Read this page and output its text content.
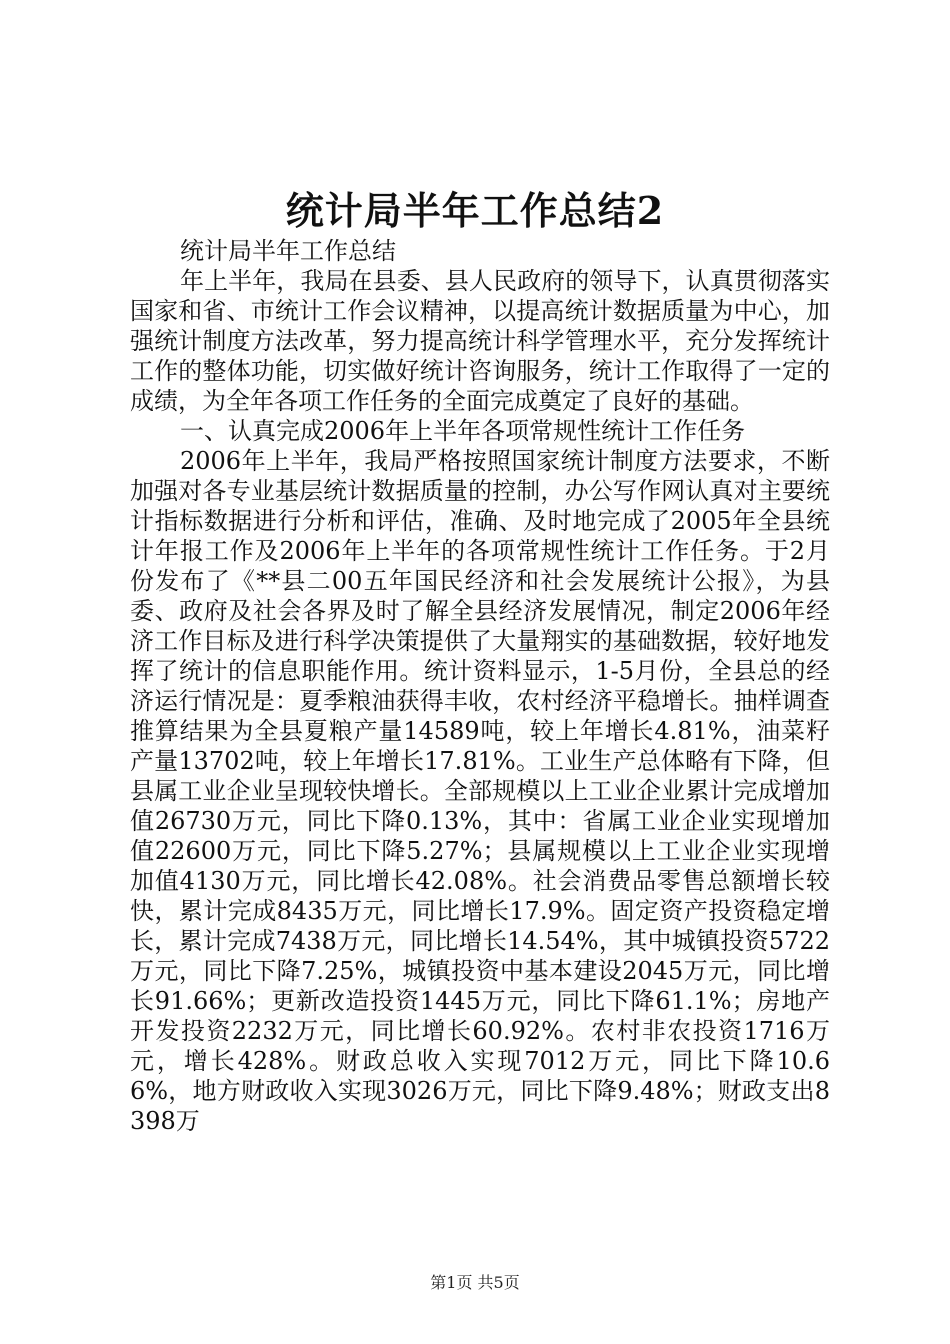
统计局半年工作总结2

统计局半年工作总结

年上半年，我局在县委、县人民政府的领导下，认真贯彻落实国家和省、市统计工作会议精神，以提高统计数据质量为中心，加强统计制度方法改革，努力提高统计科学管理水平，充分发挥统计工作的整体功能，切实做好统计咨询服务，统计工作取得了一定的成绩，为全年各项工作任务的全面完成奠定了良好的基础。

一、认真完成2006年上半年各项常规性统计工作任务

2006年上半年，我局严格按照国家统计制度方法要求，不断加强对各专业基层统计数据质量的控制，办公写作网认真对主要统计指标数据进行分析和评估，准确、及时地完成了2005年全县统计年报工作及2006年上半年的各项常规性统计工作任务。于2月份发布了《**县二00五年国民经济和社会发展统计公报》，为县委、政府及社会各界及时了解全县经济发展情况，制定2006年经济工作目标及进行科学决策提供了大量翔实的基础数据，较好地发挥了统计的信息职能作用。统计资料显示，1-5月份，全县总的经济运行情况是：夏季粮油获得丰收，农村经济平稳增长。抽样调查推算结果为全县夏粮产量14589吨，较上年增长4.81%，油菜籽产量13702吨，较上年增长17.81%。工业生产总体略有下降，但县属工业企业呈现较快增长。全部规模以上工业企业累计完成增加值26730万元，同比下降0.13%，其中：省属工业企业实现增加值22600万元，同比下降5.27%；县属规模以上工业企业实现增加值4130万元，同比增长42.08%。社会消费品零售总额增长较快，累计完成8435万元，同比增长17.9%。固定资产投资稳定增长，累计完成7438万元，同比增长14.54%，其中城镇投资5722万元，同比下降7.25%，城镇投资中基本建设2045万元，同比增长91.66%；更新改造投资1445万元，同比下降61.1%；房地产开发投资2232万元，同比增长60.92%。农村非农投资1716万元，增长428%。财政总收入实现7012万元，同比下降10.66%，地方财政收入实现3026万元，同比下降9.48%；财政支出8398万

第1页 共5页
